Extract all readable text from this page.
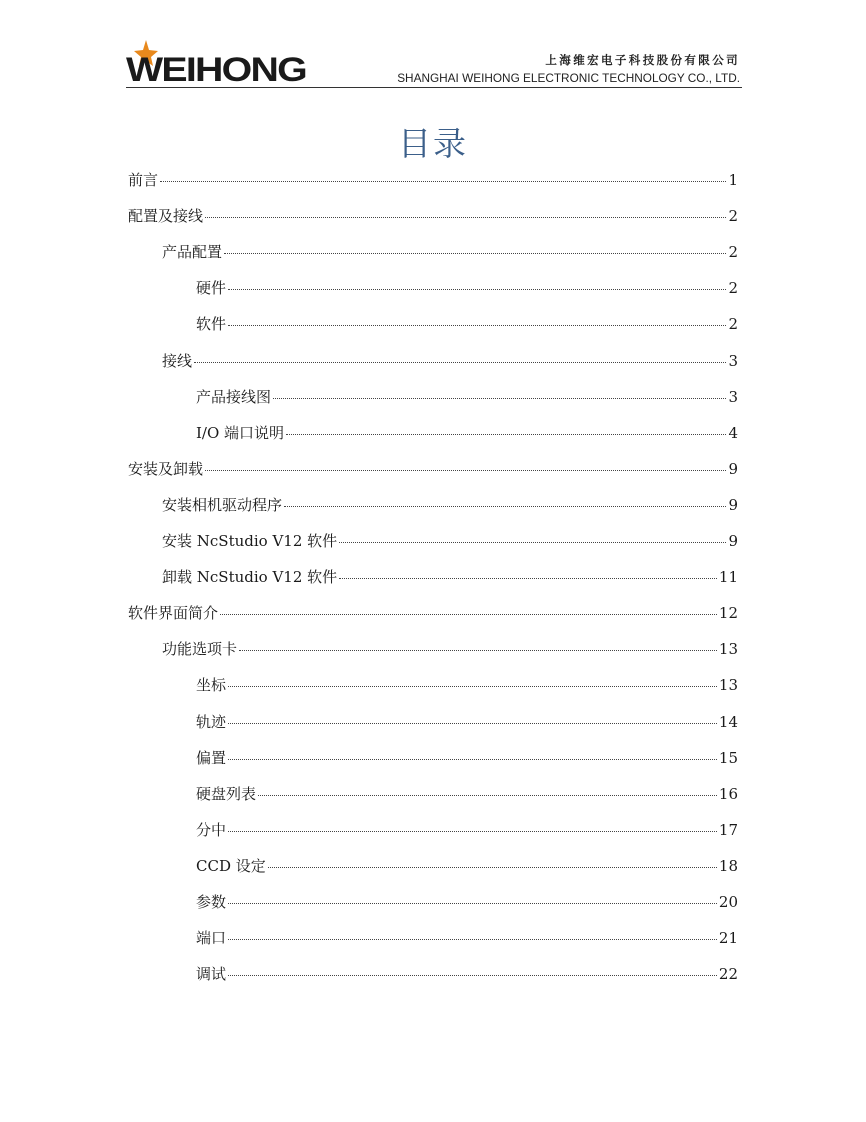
WEIHONG	上海维宏电子科技股份有限公司
SHANGHAI WEIHONG ELECTRONIC TECHNOLOGY CO., LTD.
目录
前言	1
配置及接线	2
产品配置	2
硬件	2
软件	2
接线	3
产品接线图	3
I/O 端口说明	4
安装及卸载	9
安装相机驱动程序	9
安装 NcStudio V12 软件	9
卸载 NcStudio V12 软件	11
软件界面简介	12
功能选项卡	13
坐标	13
轨迹	14
偏置	15
硬盘列表	16
分中	17
CCD 设定	18
参数	20
端口	21
调试	22
